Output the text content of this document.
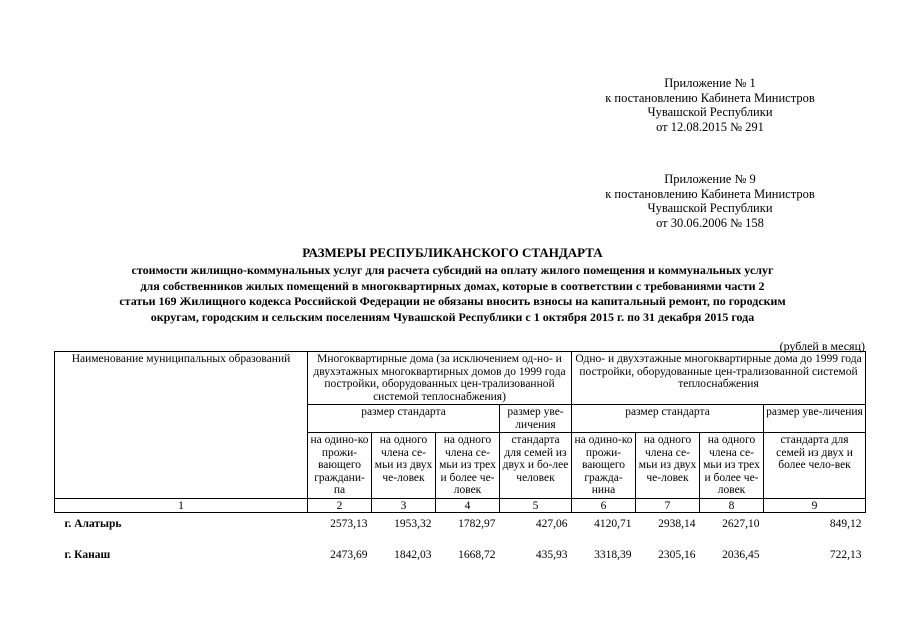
Приложение № 1
к постановлению Кабинета Министров
Чувашской Республики
от 12.08.2015 № 291
Приложение № 9
к постановлению Кабинета Министров
Чувашской Республики
от 30.06.2006 № 158
РАЗМЕРЫ РЕСПУБЛИКАНСКОГО СТАНДАРТА
стоимости жилищно-коммунальных услуг для расчета субсидий на оплату жилого помещения и коммунальных услуг
для собственников жилых помещений в многоквартирных домах, которые в соответствии с требованиями части 2
статьи 169 Жилищного кодекса Российской Федерации не обязаны вносить взносы на капитальный ремонт, по городским
округам, городским и сельским поселениям Чувашской Республики с 1 октября 2015 г. по 31 декабря 2015 года
(рублей в месяц)
Наименование муниципальных образований	Многоквартирные дома (за исключением од-но- и двухэтажных многоквартирных домов до 1999 года постройки, оборудованных цен-трализованной системой теплоснабжения)				Одно- и двухэтажные многоквартирные дома до 1999 года постройки, оборудованные цен-трализованной системой теплоснабжения			
	размер стандарта			размер уве-личения	размер стандарта			размер уве-личения
	на одино-ко прожи-вающего граждани-па	на одного члена се-мьи из двух че-ловек	на одного члена се-мьи из трех и более че-ловек	стандарта для семей из двух и бо-лее человек	на одино-ко прожи-вающего гражда-нина	на одного члена се-мьи из двух че-ловек	на одного члена се-мьи из трех и более че-ловек	стандарта для семей из двух и более чело-век
1	2	3	4	5	6	7	8	9
г. Алатырь	2573,13	1953,32	1782,97	427,06	4120,71	2938,14	2627,10	849,12
г. Канаш	2473,69	1842,03	1668,72	435,93	3318,39	2305,16	2036,45	722,13
